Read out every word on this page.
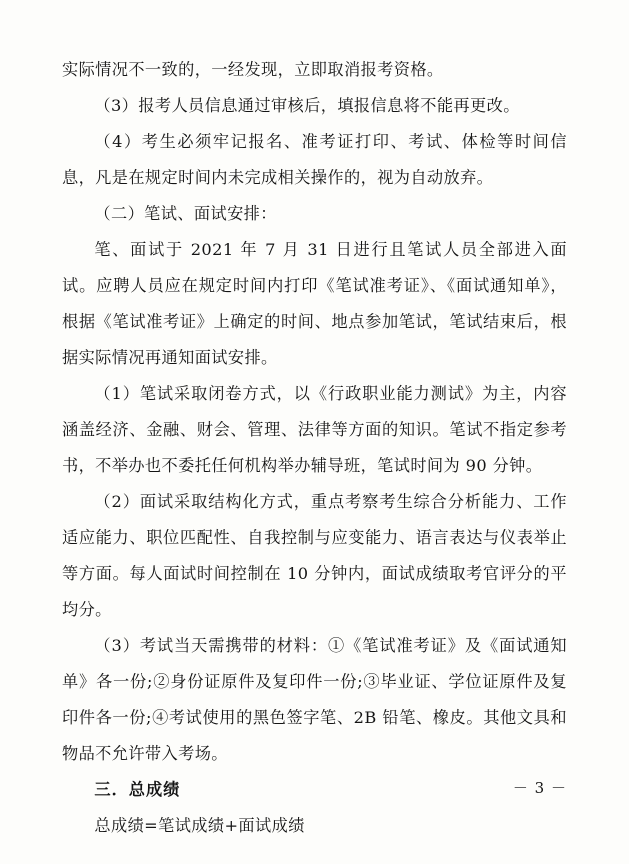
实际情况不一致的，一经发现，立即取消报考资格。

（3）报考人员信息通过审核后，填报信息将不能再更改。

（4）考生必须牢记报名、准考证打印、考试、体检等时间信息，凡是在规定时间内未完成相关操作的，视为自动放弃。

（二）笔试、面试安排：

笔、面试于 2021 年 7 月 31 日进行且笔试人员全部进入面试。应聘人员应在规定时间内打印《笔试准考证》、《面试通知单》，根据《笔试准考证》上确定的时间、地点参加笔试，笔试结束后，根据实际情况再通知面试安排。

（1）笔试采取闭卷方式，以《行政职业能力测试》为主，内容涵盖经济、金融、财会、管理、法律等方面的知识。笔试不指定参考书，不举办也不委托任何机构举办辅导班，笔试时间为 90 分钟。

（2）面试采取结构化方式，重点考察考生综合分析能力、工作适应能力、职位匹配性、自我控制与应变能力、语言表达与仪表举止等方面。每人面试时间控制在 10 分钟内，面试成绩取考官评分的平均分。

（3）考试当天需携带的材料：①《笔试准考证》及《面试通知单》各一份;②身份证原件及复印件一份;③毕业证、学位证原件及复印件各一份;④考试使用的黑色签字笔、2B 铅笔、橡皮。其他文具和物品不允许带入考场。

三．总成绩

总成绩=笔试成绩+面试成绩

－ 3 －
